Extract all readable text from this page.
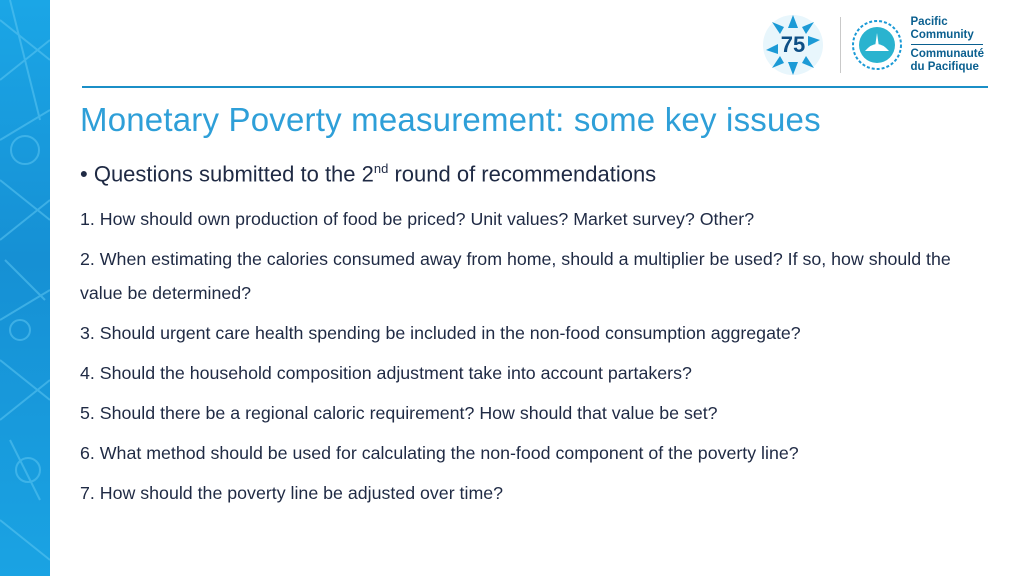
75
Pacific
Community
Communauté
du Pacifique
Monetary Poverty measurement: some key issues
• Questions submitted to the 2nd round of recommendations
1. How should own production of food be priced? Unit values? Market survey? Other?
2. When estimating the calories consumed away from home, should a multiplier be used? If so, how should the value be determined?
3. Should urgent care health spending be included in the non-food consumption aggregate?
4. Should the household composition adjustment take into account partakers?
5. Should there be a regional caloric requirement? How should that value be set?
6. What method should be used for calculating the non-food component of the poverty line?
7. How should the poverty line be adjusted over time?
